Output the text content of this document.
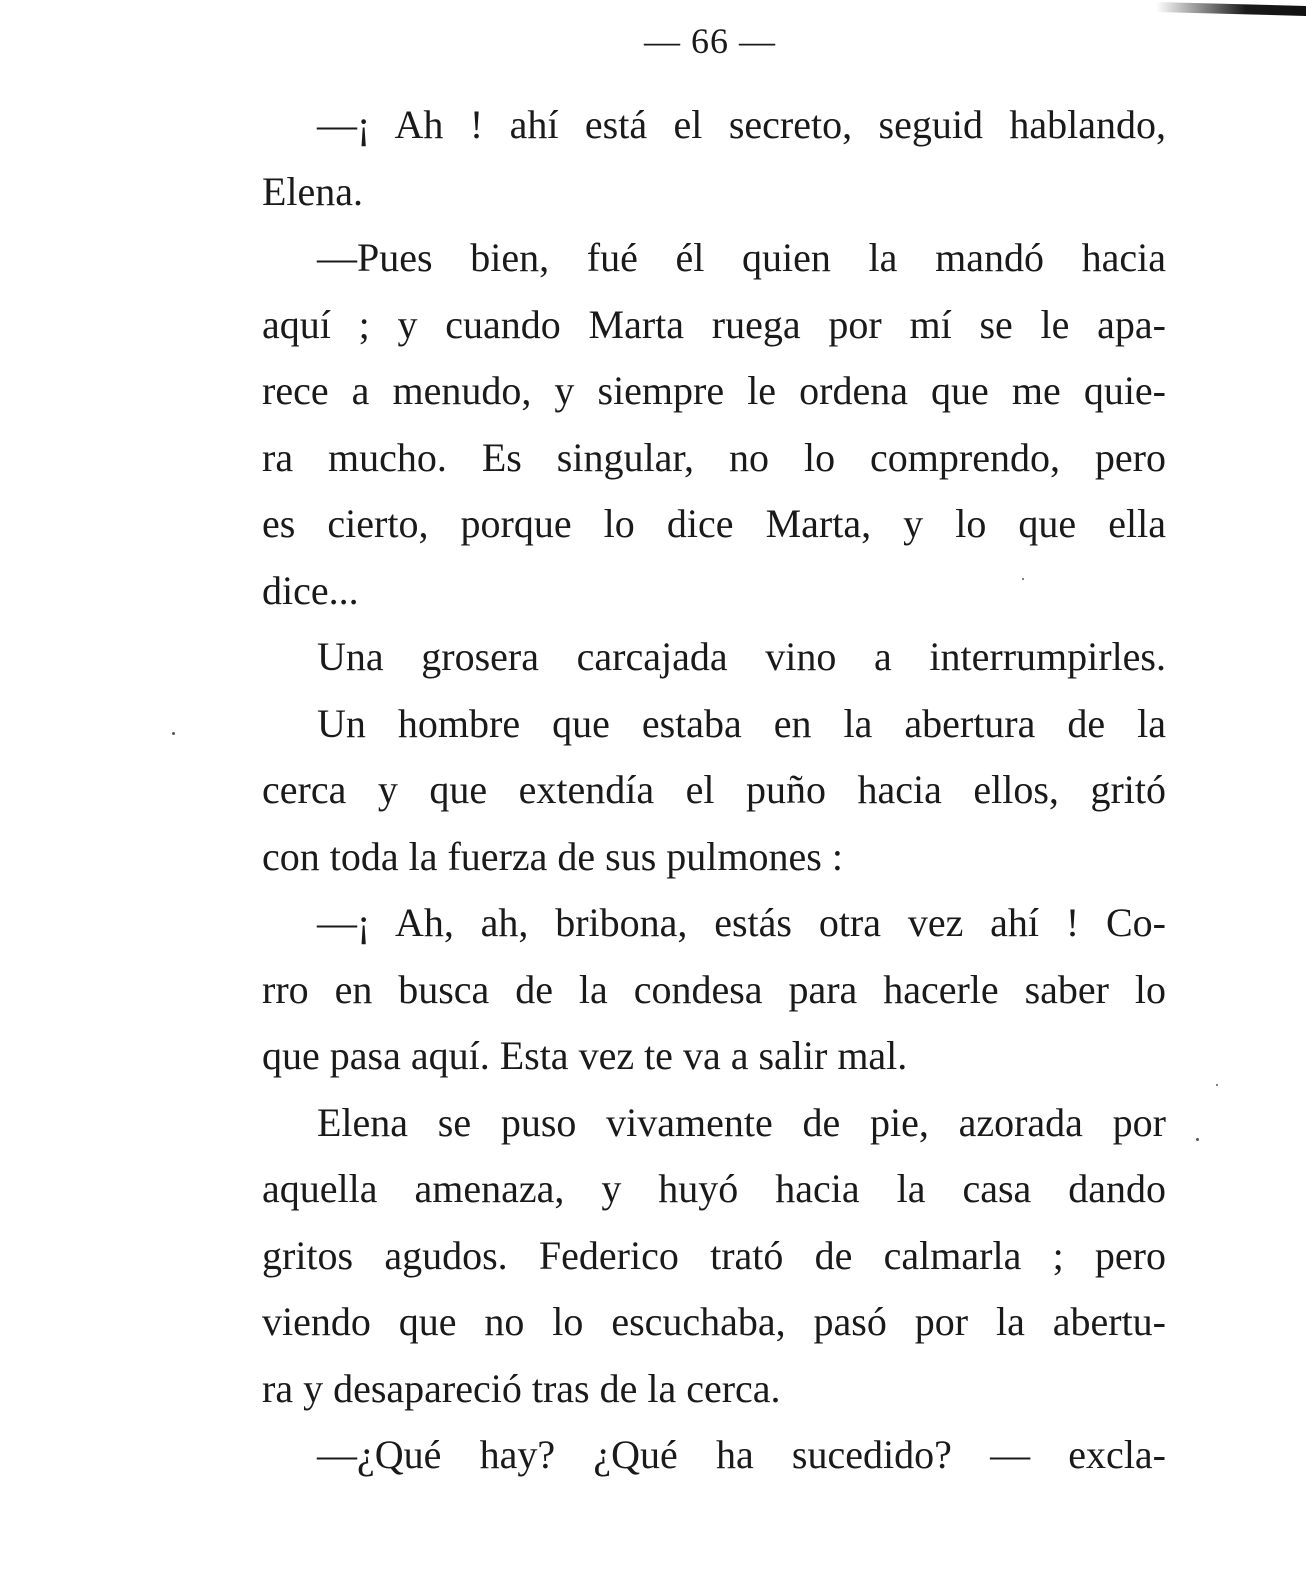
— 66 —
—¡ Ah ! ahí está el secreto, seguid hablando,
Elena.
—Pues bien, fué él quien la mandó hacia
aquí ; y cuando Marta ruega por mí se le apa-
rece a menudo, y siempre le ordena que me quie-
ra mucho. Es singular, no lo comprendo, pero
es cierto, porque lo dice Marta, y lo que ella
dice...
Una grosera carcajada vino a interrumpirles.
Un hombre que estaba en la abertura de la
cerca y que extendía el puño hacia ellos, gritó
con toda la fuerza de sus pulmones :
—¡ Ah, ah, bribona, estás otra vez ahí ! Co-
rro en busca de la condesa para hacerle saber lo
que pasa aquí. Esta vez te va a salir mal.
Elena se puso vivamente de pie, azorada por
aquella amenaza, y huyó hacia la casa dando
gritos agudos. Federico trató de calmarla ; pero
viendo que no lo escuchaba, pasó por la abertu-
ra y desapareció tras de la cerca.
—¿Qué hay? ¿Qué ha sucedido? — excla-
